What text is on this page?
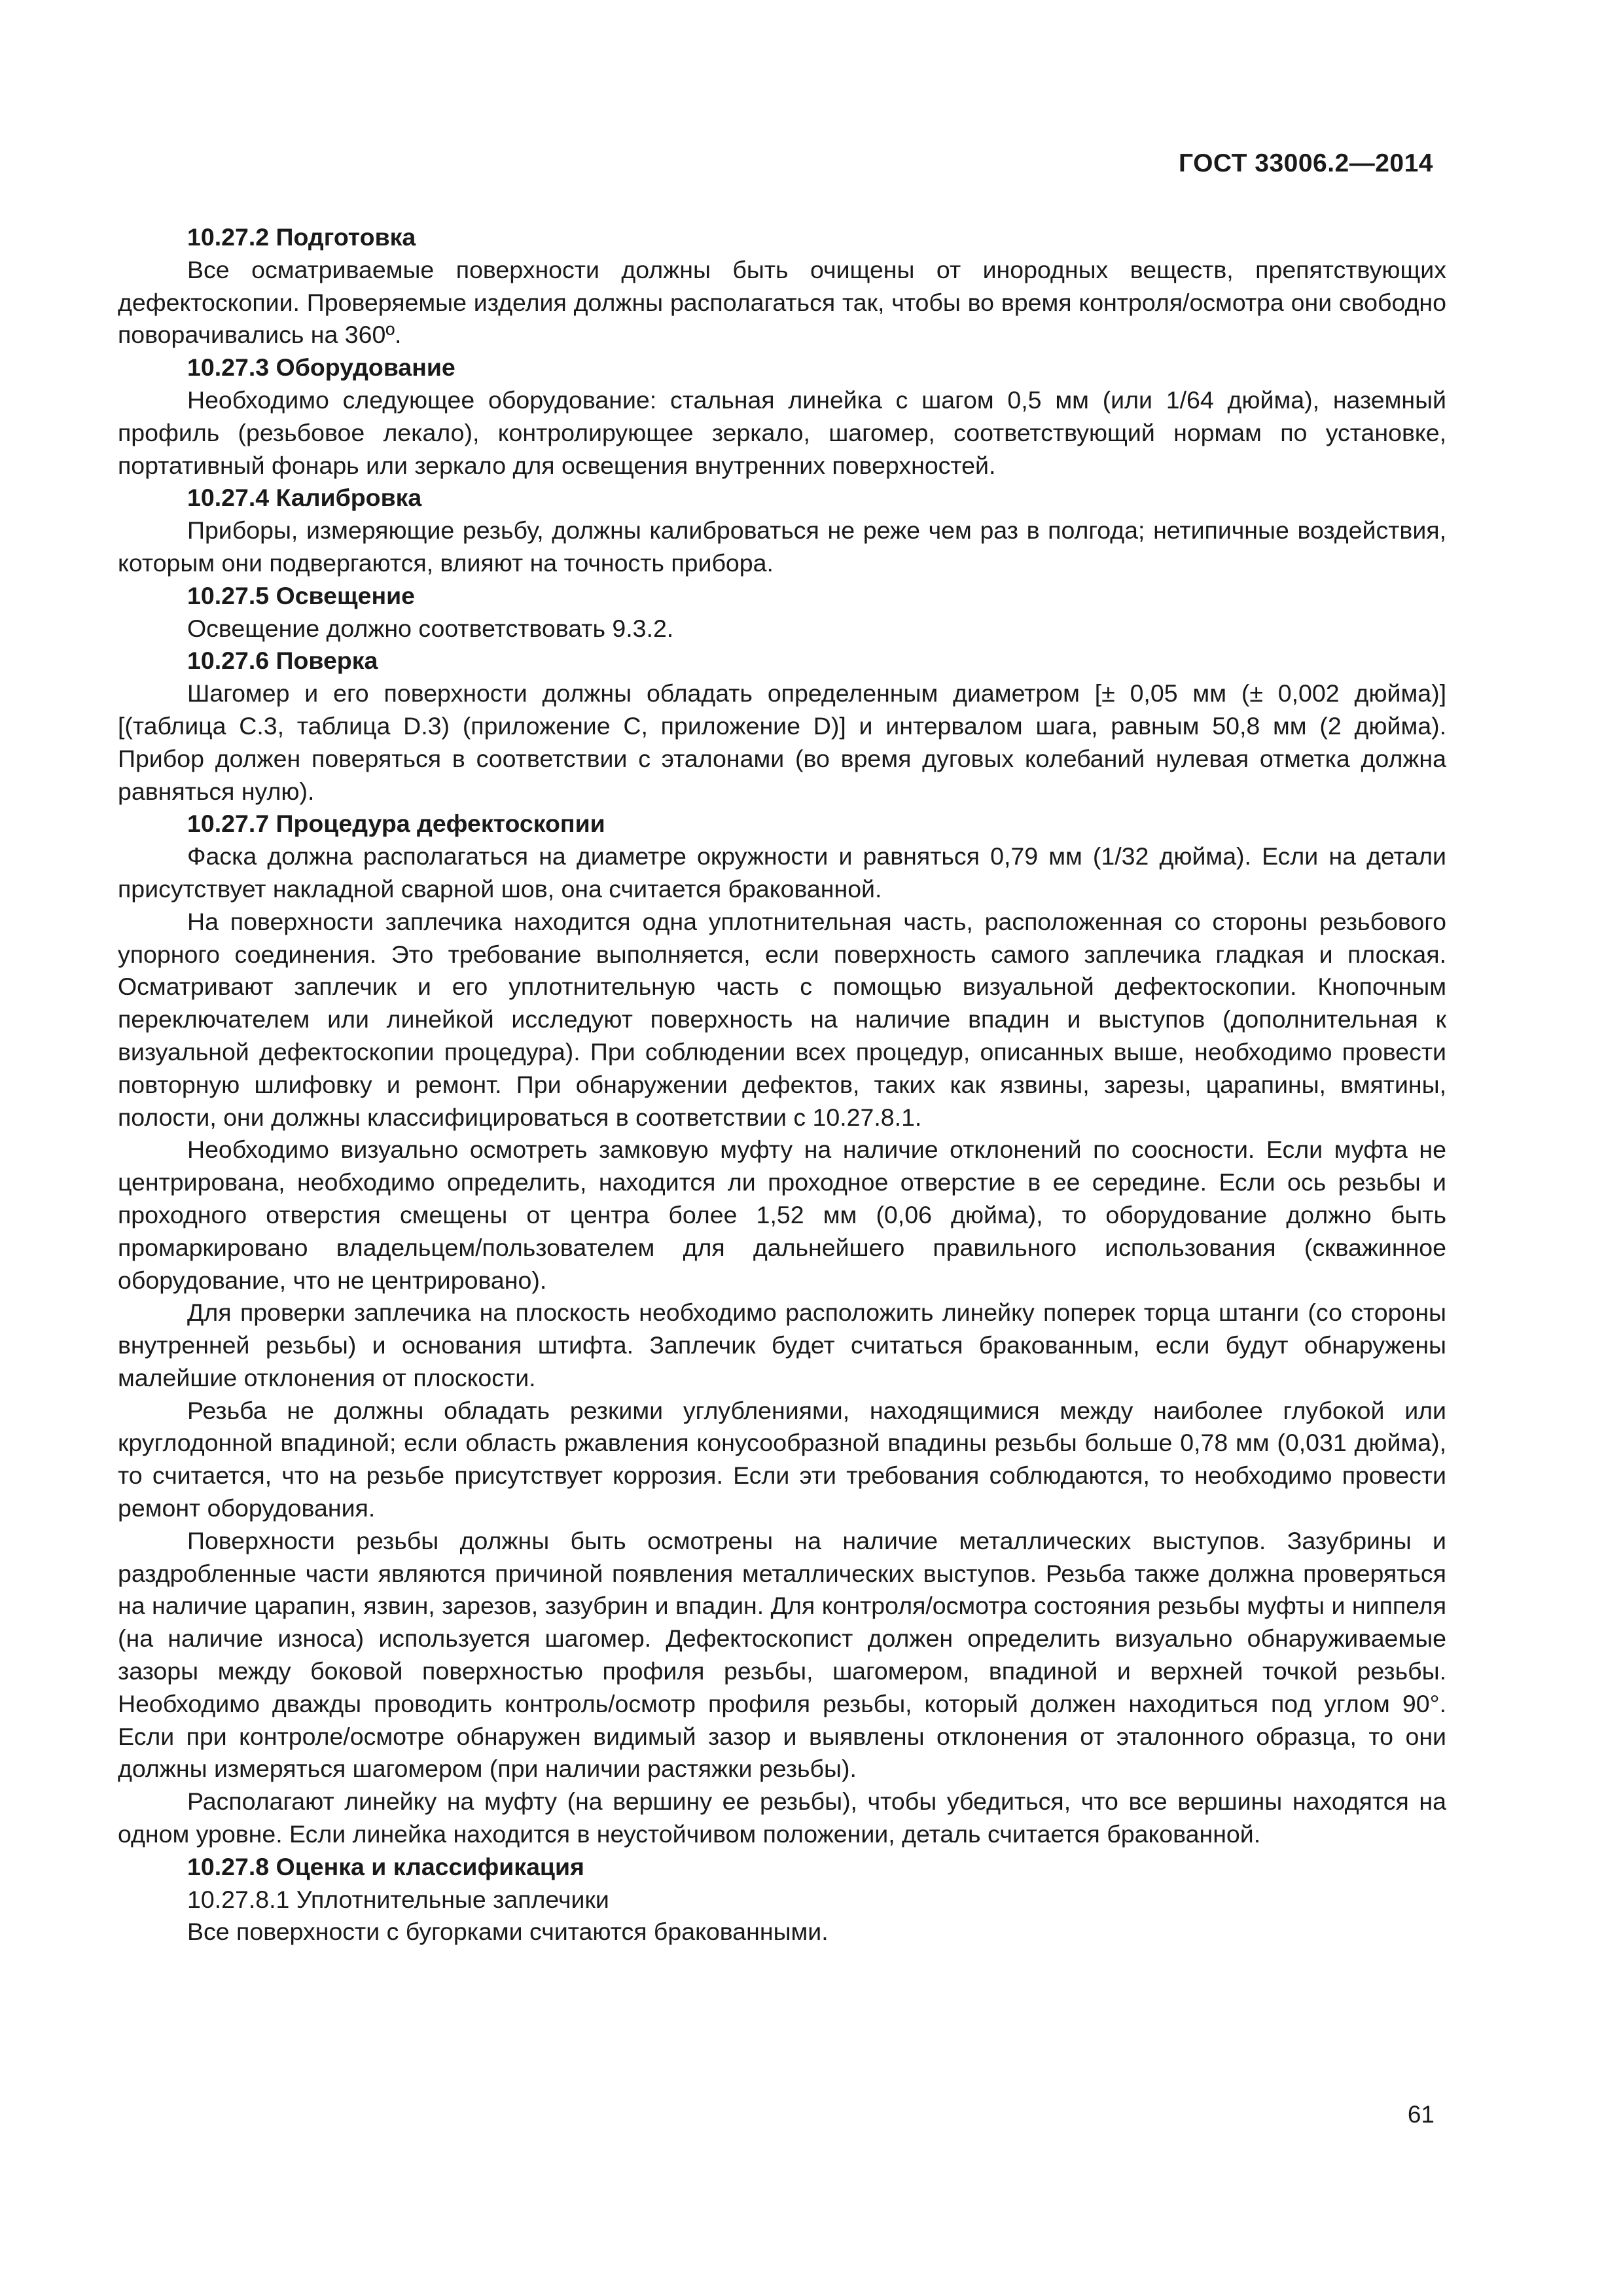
ГОСТ 33006.2—2014

10.27.2 Подготовка

Все осматриваемые поверхности должны быть очищены от инородных веществ, препятствующих дефектоскопии. Проверяемые изделия должны располагаться так, чтобы во время контроля/осмотра они свободно поворачивались на 360º.

10.27.3 Оборудование

Необходимо следующее оборудование: стальная линейка с шагом 0,5 мм (или 1/64 дюйма), наземный профиль (резьбовое лекало), контролирующее зеркало, шагомер, соответствующий нормам по установке, портативный фонарь или зеркало для освещения внутренних поверхностей.

10.27.4 Калибровка

Приборы, измеряющие резьбу, должны калиброваться не реже чем раз в полгода; нетипичные воздействия, которым они подвергаются, влияют на точность прибора.

10.27.5 Освещение

Освещение должно соответствовать 9.3.2.

10.27.6 Поверка

Шагомер и его поверхности должны обладать определенным диаметром [± 0,05 мм (± 0,002 дюйма)] [(таблица С.3, таблица D.3) (приложение С, приложение D)] и интервалом шага, равным 50,8 мм (2 дюйма). Прибор должен поверяться в соответствии с эталонами (во время дуговых колебаний нулевая отметка должна равняться нулю).

10.27.7 Процедура дефектоскопии

Фаска должна располагаться на диаметре окружности и равняться 0,79 мм (1/32 дюйма). Если на детали присутствует накладной сварной шов, она считается бракованной.

На поверхности заплечика находится одна уплотнительная часть, расположенная со стороны резьбового упорного соединения. Это требование выполняется, если поверхность самого заплечика гладкая и плоская. Осматривают заплечик и его уплотнительную часть с помощью визуальной дефектоскопии. Кнопочным переключателем или линейкой исследуют поверхность на наличие впадин и выступов (дополнительная к визуальной дефектоскопии процедура). При соблюдении всех процедур, описанных выше, необходимо провести повторную шлифовку и ремонт. При обнаружении дефектов, таких как язвины, зарезы, царапины, вмятины, полости, они должны классифицироваться в соответствии с 10.27.8.1.

Необходимо визуально осмотреть замковую муфту на наличие отклонений по соосности. Если муфта не центрирована, необходимо определить, находится ли проходное отверстие в ее середине. Если ось резьбы и проходного отверстия смещены от центра более 1,52 мм (0,06 дюйма), то оборудование должно быть промаркировано владельцем/пользователем для дальнейшего правильного использования (скважинное оборудование, что не центрировано).

Для проверки заплечика на плоскость необходимо расположить линейку поперек торца штанги (со стороны внутренней резьбы) и основания штифта. Заплечик будет считаться бракованным, если будут обнаружены малейшие отклонения от плоскости.

Резьба не должны обладать резкими углублениями, находящимися между наиболее глубокой или круглодонной впадиной; если область ржавления конусообразной впадины резьбы больше 0,78 мм (0,031 дюйма), то считается, что на резьбе присутствует коррозия. Если эти требования соблюдаются, то необходимо провести ремонт оборудования.

Поверхности резьбы должны быть осмотрены на наличие металлических выступов. Зазубрины и раздробленные части являются причиной появления металлических выступов. Резьба также должна проверяться на наличие царапин, язвин, зарезов, зазубрин и впадин. Для контроля/осмотра состояния резьбы муфты и ниппеля (на наличие износа) используется шагомер. Дефектоскопист должен определить визуально обнаруживаемые зазоры между боковой поверхностью профиля резьбы, шагомером, впадиной и верхней точкой резьбы. Необходимо дважды проводить контроль/осмотр профиля резьбы, который должен находиться под углом 90°. Если при контроле/осмотре обнаружен видимый зазор и выявлены отклонения от эталонного образца, то они должны измеряться шагомером (при наличии растяжки резьбы).

Располагают линейку на муфту (на вершину ее резьбы), чтобы убедиться, что все вершины находятся на одном уровне. Если линейка находится в неустойчивом положении, деталь считается бракованной.

10.27.8 Оценка и классификация

10.27.8.1 Уплотнительные заплечики

Все поверхности с бугорками считаются бракованными.

61
